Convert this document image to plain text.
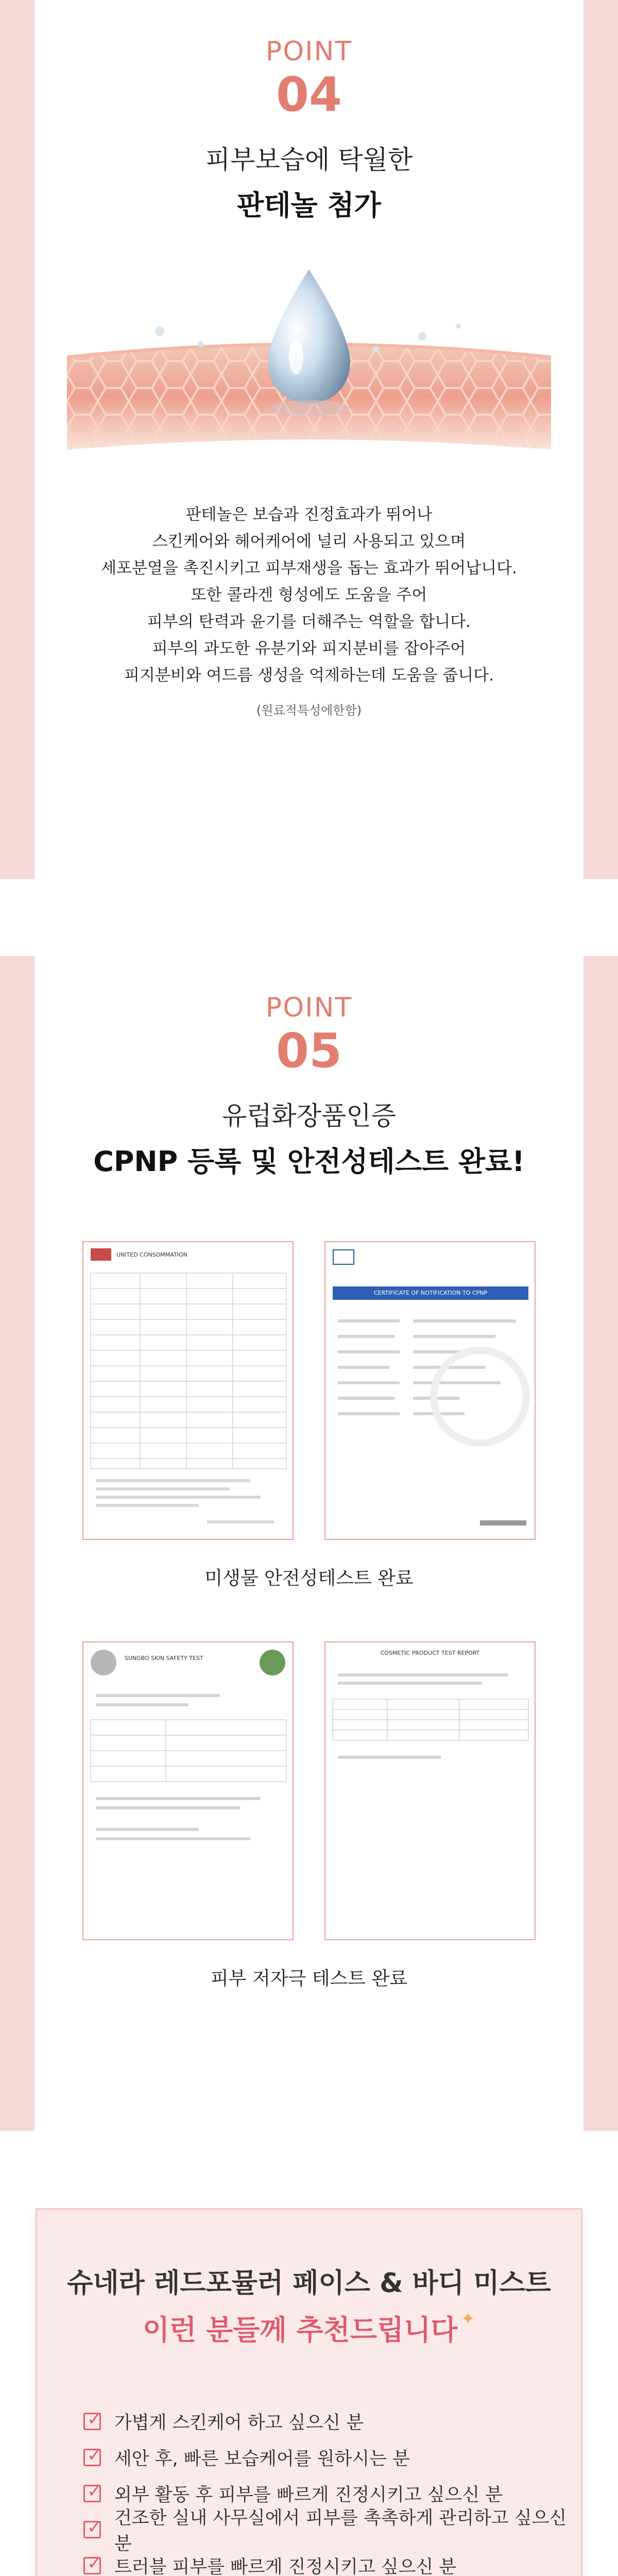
POINT
04
피부보습에 탁월한
판테놀 첨가
판테놀은 보습과 진정효과가 뛰어나
스킨케어와 헤어케어에 널리 사용되고 있으며
세포분열을 촉진시키고 피부재생을 돕는 효과가 뛰어납니다.
또한 콜라겐 형성에도 도움을 주어
피부의 탄력과 윤기를 더해주는 역할을 합니다.
피부의 과도한 유분기와 피지분비를 잡아주어
피지분비와 여드름 생성을 억제하는데 도움을 줍니다.
(원료적특성에한함)
POINT
05
유럽화장품인증
CPNP 등록 및 안전성테스트 완료!
UNITED CONSOMMATION
CERTIFICATE OF NOTIFICATION TO CPNP
미생물 안전성테스트 완료
SUNGBO SKIN SAFETY TEST
COSMETIC PRODUCT TEST REPORT
피부 저자극 테스트 완료
슈네라 레드포뮬러 페이스 & 바디 미스트
이런 분들께 추천드립니다 ✦
✓ 가볍게 스킨케어 하고 싶으신 분
✓ 세안 후, 빠른 보습케어를 원하시는 분
✓ 외부 활동 후 피부를 빠르게 진정시키고 싶으신 분
✓ 건조한 실내 사무실에서 피부를 촉촉하게 관리하고 싶으신 분
✓ 트러블 피부를 빠르게 진정시키고 싶으신 분
